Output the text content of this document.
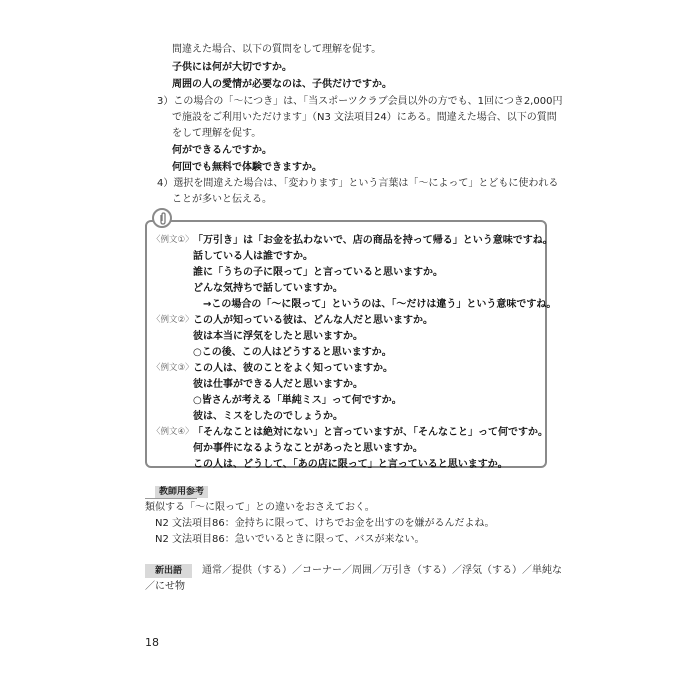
間違えた場合、以下の質問をして理解を促す。
子供には何が大切ですか。
周囲の人の愛情が必要なのは、子供だけですか。
3）この場合の「〜につき」は、「当スポーツクラブ会員以外の方でも、1回につき2,000円
で施設をご利用いただけます」（N3 文法項目24）にある。間違えた場合、以下の質問
をして理解を促す。
何ができるんですか。
何回でも無料で体験できますか。
4）選択を間違えた場合は、「変わります」という言葉は「〜によって」とどもに使われる
ことが多いと伝える。
〈例文①〉 「万引き」は「お金を払わないで、店の商品を持って帰る」という意味ですね。
話している人は誰ですか。
誰に「うちの子に限って」と言っていると思いますか。
どんな気持ちで話していますか。
→この場合の「〜に限って」というのは、「〜だけは違う」という意味ですね。
〈例文②〉 この人が知っている彼は、どんな人だと思いますか。
彼は本当に浮気をしたと思いますか。
○この後、この人はどうすると思いますか。
〈例文③〉 この人は、彼のことをよく知っていますか。
彼は仕事ができる人だと思いますか。
○皆さんが考える「単純ミス」って何ですか。
彼は、ミスをしたのでしょうか。
〈例文④〉 「そんなことは絶対にない」と言っていますが、「そんなこと」って何ですか。
何か事件になるようなことがあったと思いますか。
この人は、どうして、「あの店に限って」と言っていると思いますか。
教師用参考
類似する「〜に限って」との違いをおさえておく。
N2 文法項目86：金持ちに限って、けちでお金を出すのを嫌がるんだよね。
N2 文法項目86：急いでいるときに限って、バスが来ない。
新出語	通常／提供（する）／コーナー／周囲／万引き（する）／浮気（する）／単純な
／にせ物
18
